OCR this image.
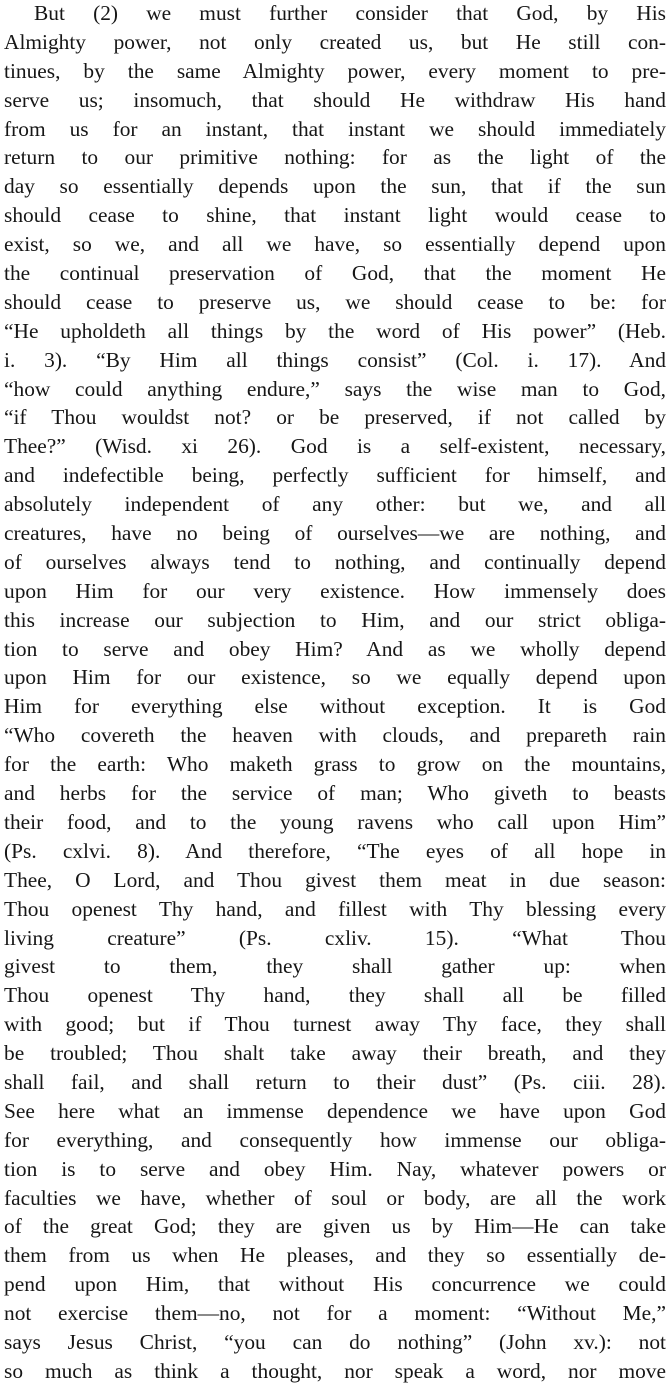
But (2) we must further consider that God, by His
Almighty power, not only created us, but He still con-
tinues, by the same Almighty power, every moment to pre-
serve us; insomuch, that should He withdraw His hand
from us for an instant, that instant we should immediately
return to our primitive nothing: for as the light of the
day so essentially depends upon the sun, that if the sun
should cease to shine, that instant light would cease to
exist, so we, and all we have, so essentially depend upon
the continual preservation of God, that the moment He
should cease to preserve us, we should cease to be: for
“He upholdeth all things by the word of His power” (Heb.
i. 3). “By Him all things consist” (Col. i. 17). And
“how could anything endure,” says the wise man to God,
“if Thou wouldst not? or be preserved, if not called by
Thee?” (Wisd. xi 26). God is a self-existent, necessary,
and indefectible being, perfectly sufficient for himself, and
absolutely independent of any other: but we, and all
creatures, have no being of ourselves—we are nothing, and
of ourselves always tend to nothing, and continually depend
upon Him for our very existence. How immensely does
this increase our subjection to Him, and our strict obliga-
tion to serve and obey Him? And as we wholly depend
upon Him for our existence, so we equally depend upon
Him for everything else without exception. It is God
“Who covereth the heaven with clouds, and prepareth rain
for the earth: Who maketh grass to grow on the mountains,
and herbs for the service of man; Who giveth to beasts
their food, and to the young ravens who call upon Him”
(Ps. cxlvi. 8). And therefore, “The eyes of all hope in
Thee, O Lord, and Thou givest them meat in due season:
Thou openest Thy hand, and fillest with Thy blessing every
living creature” (Ps. cxliv. 15). “What Thou
givest to them, they shall gather up: when
Thou openest Thy hand, they shall all be filled
with good; but if Thou turnest away Thy face, they shall
be troubled; Thou shalt take away their breath, and they
shall fail, and shall return to their dust” (Ps. ciii. 28).
See here what an immense dependence we have upon God
for everything, and consequently how immense our obliga-
tion is to serve and obey Him. Nay, whatever powers or
faculties we have, whether of soul or body, are all the work
of the great God; they are given us by Him—He can take
them from us when He pleases, and they so essentially de-
pend upon Him, that without His concurrence we could
not exercise them—no, not for a moment: “Without Me,”
says Jesus Christ, “you can do nothing” (John xv.): not
so much as think a thought, nor speak a word, nor move
